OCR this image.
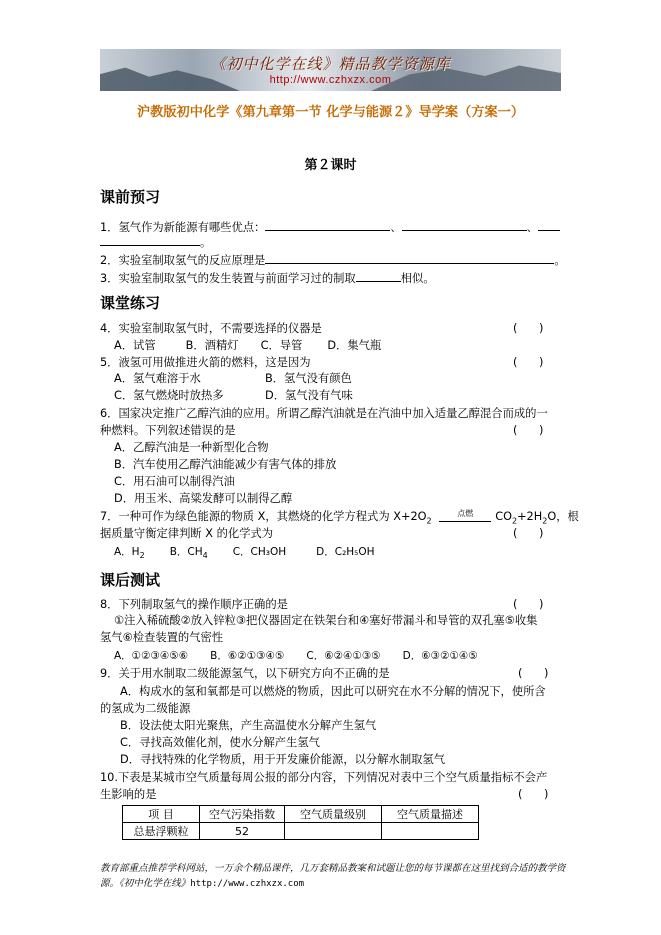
《初中化学在线》精品教学资源库
http://www.czhxzx.com
沪教版初中化学《第九章第一节 化学与能源２》导学案（方案一）
第２课时
课前预习
1．氢气作为新能源有哪些优点：	、	、
。
2．实验室制取氢气的反应原理是	。
3．实验室制取氢气的发生装置与前面学习过的制取	相似。
课堂练习
4．实验室制取氢气时，不需要选择的仪器是	(      )
A．试管	B．酒精灯 C．导管 D．集气瓶
5．液氢可用做推进火箭的燃料，这是因为	(      )
A．氢气难溶于水	B．氢气没有颜色
C．氢气燃烧时放热多	D．氢气没有气味
6．国家决定推广乙醇汽油的应用。所谓乙醇汽油就是在汽油中加入适量乙醇混合而成的一
种燃料。下列叙述错误的是	(      )
A．乙醇汽油是一种新型化合物
B．汽车使用乙醇汽油能减少有害气体的排放
C．用石油可以制得汽油
D．用玉米、高粱发酵可以制得乙醇
7．一种可作为绿色能源的物质 X，其燃烧的化学方程式为 $X+2O_2$ $^{点燃}$ $CO_2+2H_2O$，根
据质量守衡定律判断 X 的化学式为	(      )
A．$H_2$ B．$CH_4$ C．CH₃OH	D．C₂H₅OH
课后测试
8．下列制取氢气的操作顺序正确的是	(      )
①注入稀硫酸②放入锌粒③把仪器固定在铁架台和④塞好带漏斗和导管的双孔塞⑤收集
氢气⑥检查装置的气密性
A．①②③④⑤⑥ B．⑥②①③④⑤ C．⑥②④①③⑤ D．⑥③②①④⑤
9．关于用水制取二级能源氢气，以下研究方向不正确的是	(      )
A．构成水的氢和氧都是可以燃烧的物质，因此可以研究在水不分解的情况下，使所含
的氢成为二级能源
B．设法使太阳光聚焦，产生高温使水分解产生氢气
C．寻找高效催化剂，使水分解产生氢气
D．寻找特殊的化学物质，用于开发廉价能源，以分解水制取氢气
10.下表是某城市空气质量每周公报的部分内容，下列情况对表中三个空气质量指标不会产
生影响的是	(      )
项 目	空气污染指数	空气质量级别	空气质量描述
总悬浮颗粒	52		
教育部重点推荐学科网站，一万余个精品课件，几万套精品教案和试题让您的每节课都在这里找到合适的教学资源。《初中化学在线》http://www.czhxzx.com
